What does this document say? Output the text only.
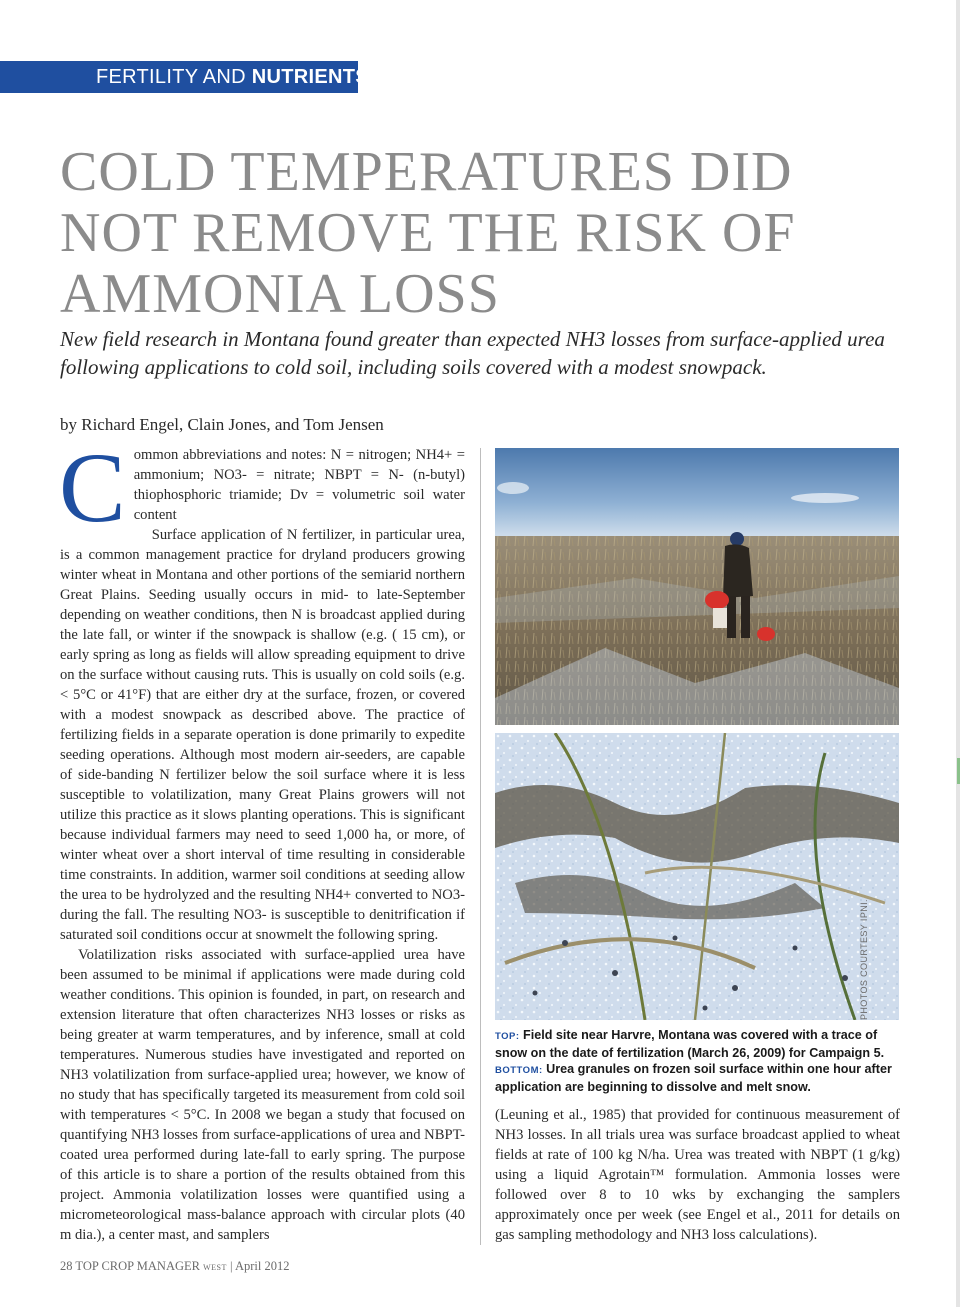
FERTILITY AND NUTRIENTS
COLD TEMPERATURES DID
NOT REMOVE THE RISK OF
AMMONIA LOSS

New field research in Montana found greater than expected NH3 losses from surface-applied urea following applications to cold soil, including soils covered with a modest snowpack.

by Richard Engel, Clain Jones, and Tom Jensen

Common abbreviations and notes: N = nitrogen; NH4+ = ammonium; NO3- = nitrate; NBPT = N- (n-butyl) thiophosphoric triamide; Dv = volumetric soil water content

Surface application of N fertilizer, in particular urea, is a common management practice for dryland producers growing winter wheat in Montana and other portions of the semiarid northern Great Plains. Seeding usually occurs in mid- to late-September depending on weather conditions, then N is broadcast applied during the late fall, or winter if the snowpack is shallow (e.g. ( 15 cm), or early spring as long as fields will allow spreading equipment to drive on the surface without causing ruts. This is usually on cold soils (e.g. < 5°C or 41°F) that are either dry at the surface, frozen, or covered with a modest snowpack as described above. The practice of fertilizing fields in a separate operation is done primarily to expedite seeding operations. Although most modern air-seeders, are capable of side-banding N fertilizer below the soil surface where it is less susceptible to volatilization, many Great Plains growers will not utilize this practice as it slows planting operations. This is significant because individual farmers may need to seed 1,000 ha, or more, of winter wheat over a short interval of time resulting in considerable time constraints. In addition, warmer soil conditions at seeding allow the urea to be hydrolyzed and the resulting NH4+ converted to NO3- during the fall. The resulting NO3- is susceptible to denitrification if saturated soil conditions occur at snowmelt the following spring.

Volatilization risks associated with surface-applied urea have been assumed to be minimal if applications were made during cold weather conditions. This opinion is founded, in part, on research and extension literature that often characterizes NH3 losses or risks as being greater at warm temperatures, and by inference, small at cold temperatures. Numerous studies have investigated and reported on NH3 volatilization from surface-applied urea; however, we know of no study that has specifically targeted its measurement from cold soil with temperatures < 5°C. In 2008 we began a study that focused on quantifying NH3 losses from surface-applications of urea and NBPT-coated urea performed during late-fall to early spring. The purpose of this article is to share a portion of the results obtained from this project. Ammonia volatilization losses were quantified using a micrometeorological mass-balance approach with circular plots (40 m dia.), a center mast, and samplers

PHOTOS COURTESY IPNI.
TOP: Field site near Harvre, Montana was covered with a trace of snow on the date of fertilization (March 26, 2009) for Campaign 5. BOTTOM: Urea granules on frozen soil surface within one hour after application are beginning to dissolve and melt snow.

(Leuning et al., 1985) that provided for continuous measurement of NH3 losses. In all trials urea was surface broadcast applied to wheat fields at rate of 100 kg N/ha. Urea was treated with NBPT (1 g/kg) using a liquid Agrotain™ formulation. Ammonia losses were followed over 8 to 10 wks by exchanging the samplers approximately once per week (see Engel et al., 2011 for details on gas sampling methodology and NH3 loss calculations).

28 TOP CROP MANAGER WEST | April 2012
